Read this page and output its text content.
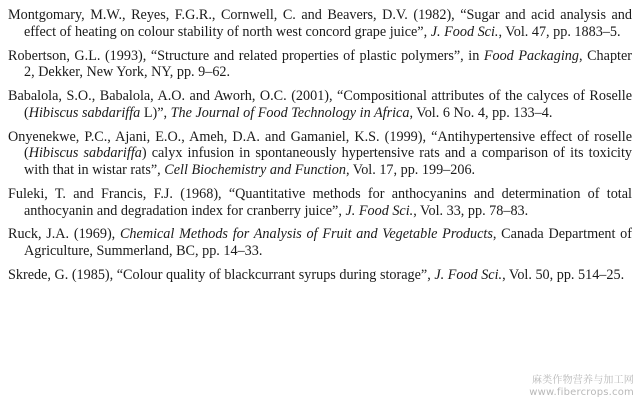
Montgomary, M.W., Reyes, F.G.R., Cornwell, C. and Beavers, D.V. (1982), “Sugar and acid analysis and effect of heating on colour stability of north west concord grape juice”, J. Food Sci., Vol. 47, pp. 1883–5.
Robertson, G.L. (1993), “Structure and related properties of plastic polymers”, in Food Packaging, Chapter 2, Dekker, New York, NY, pp. 9–62.
Babalola, S.O., Babalola, A.O. and Aworh, O.C. (2001), “Compositional attributes of the calyces of Roselle (Hibiscus sabdariffa L)”, The Journal of Food Technology in Africa, Vol. 6 No. 4, pp. 133–4.
Onyenekwe, P.C., Ajani, E.O., Ameh, D.A. and Gamaniel, K.S. (1999), “Antihypertensive effect of roselle (Hibiscus sabdariffa) calyx infusion in spontaneously hypertensive rats and a comparison of its toxicity with that in wistar rats”, Cell Biochemistry and Function, Vol. 17, pp. 199–206.
Fuleki, T. and Francis, F.J. (1968), “Quantitative methods for anthocyanins and determination of total anthocyanin and degradation index for cranberry juice”, J. Food Sci., Vol. 33, pp. 78–83.
Ruck, J.A. (1969), Chemical Methods for Analysis of Fruit and Vegetable Products, Canada Department of Agriculture, Summerland, BC, pp. 14–33.
Skrede, G. (1985), “Colour quality of blackcurrant syrups during storage”, J. Food Sci., Vol. 50, pp. 514–25.
麻类作物营养与加工网
www.fibercrops.com
